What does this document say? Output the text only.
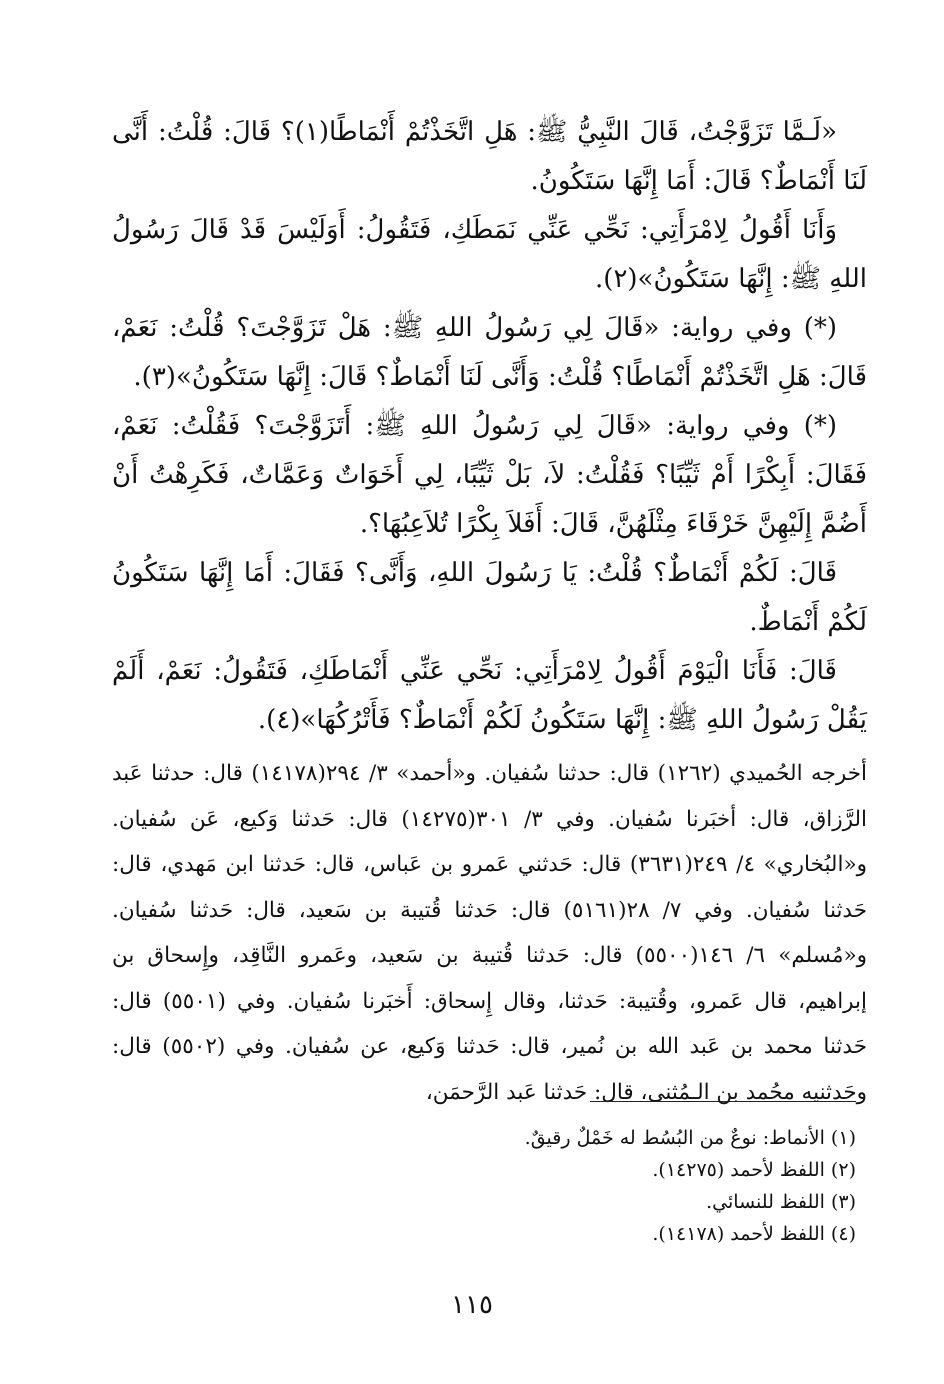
«لَـمَّا تَزَوَّجْتُ، قَالَ النَّبِيُّ ﷺ: هَلِ اتَّخَذْتُمْ أَنْمَاطًا(١)؟ قَالَ: قُلْتُ: أَنَّى لَنَا أَنْمَاطٌ؟ قَالَ: أَمَا إِنَّهَا سَتَكُونُ.

وَأَنَا أَقُولُ لِامْرَأَتِي: نَحِّي عَنِّي نَمَطَكِ، فَتَقُولُ: أَوَلَيْسَ قَدْ قَالَ رَسُولُ اللهِ ﷺ: إِنَّهَا سَتَكُونُ»(٢).

(*) وفي رواية: «قَالَ لِي رَسُولُ اللهِ ﷺ: هَلْ تَزَوَّجْتَ؟ قُلْتُ: نَعَمْ، قَالَ: هَلِ اتَّخَذْتُمْ أَنْمَاطًا؟ قُلْتُ: وَأَنَّى لَنَا أَنْمَاطٌ؟ قَالَ: إِنَّهَا سَتَكُونُ»(٣).

(*) وفي رواية: «قَالَ لِي رَسُولُ اللهِ ﷺ: أَتَزَوَّجْتَ؟ فَقُلْتُ: نَعَمْ، فَقَالَ: أَبِكْرًا أَمْ ثَيِّبًا؟ فَقُلْتُ: لاَ، بَلْ ثَيِّبًا، لِي أَخَوَاتٌ وَعَمَّاتٌ، فَكَرِهْتُ أَنْ أَضُمَّ إِلَيْهِنَّ خَرْقَاءَ مِثْلَهُنَّ، قَالَ: أَفَلاَ بِكْرًا تُلاَعِبُهَا؟.

قَالَ: لَكُمْ أَنْمَاطٌ؟ قُلْتُ: يَا رَسُولَ اللهِ، وَأَنَّى؟ فَقَالَ: أَمَا إِنَّهَا سَتَكُونُ لَكُمْ أَنْمَاطٌ.

قَالَ: فَأَنَا الْيَوْمَ أَقُولُ لِامْرَأَتِي: نَحِّي عَنِّي أَنْمَاطَكِ، فَتَقُولُ: نَعَمْ، أَلَمْ يَقُلْ رَسُولُ اللهِ ﷺ: إِنَّهَا سَتَكُونُ لَكُمْ أَنْمَاطٌ؟ فَأَتْرُكُهَا»(٤).

أخرجه الحُميدي (١٢٦٢) قال: حدثنا سُفيان. و«أحمد» ٣/ ٢٩٤(١٤١٧٨) قال: حدثنا عَبد الرَّزاق، قال: أخبَرنا سُفيان. وفي ٣/ ٣٠١(١٤٢٧٥) قال: حَدثنا وَكيع، عَن سُفيان. و«البُخاري» ٤/ ٢٤٩(٣٦٣١) قال: حَدثني عَمرو بن عَباس، قال: حَدثنا ابن مَهدي، قال: حَدثنا سُفيان. وفي ٧/ ٢٨(٥١٦١) قال: حَدثنا قُتيبة بن سَعيد، قال: حَدثنا سُفيان. و«مُسلم» ٦/ ١٤٦(٥٥٠٠) قال: حَدثنا قُتيبة بن سَعيد، وعَمرو النَّاقِد، وإِسحاق بن إبراهيم، قال عَمرو، وقُتيبة: حَدثنا، وقال إِسحاق: أَخبَرنا سُفيان. وفي (٥٥٠١) قال: حَدثنا محمد بن عَبد الله بن نُمير، قال: حَدثنا وَكيع، عن سُفيان. وفي (٥٥٠٢) قال: وحَدثنيه محُمد بن الـمُثنى، قال: حَدثنا عَبد الرَّحمَن،

(١) الأنماط: نوعٌ من البُسُط له خَمْلٌ رقيقٌ.
(٢) اللفظ لأحمد (١٤٢٧٥).
(٣) اللفظ للنسائي.
(٤) اللفظ لأحمد (١٤١٧٨).
١١٥
